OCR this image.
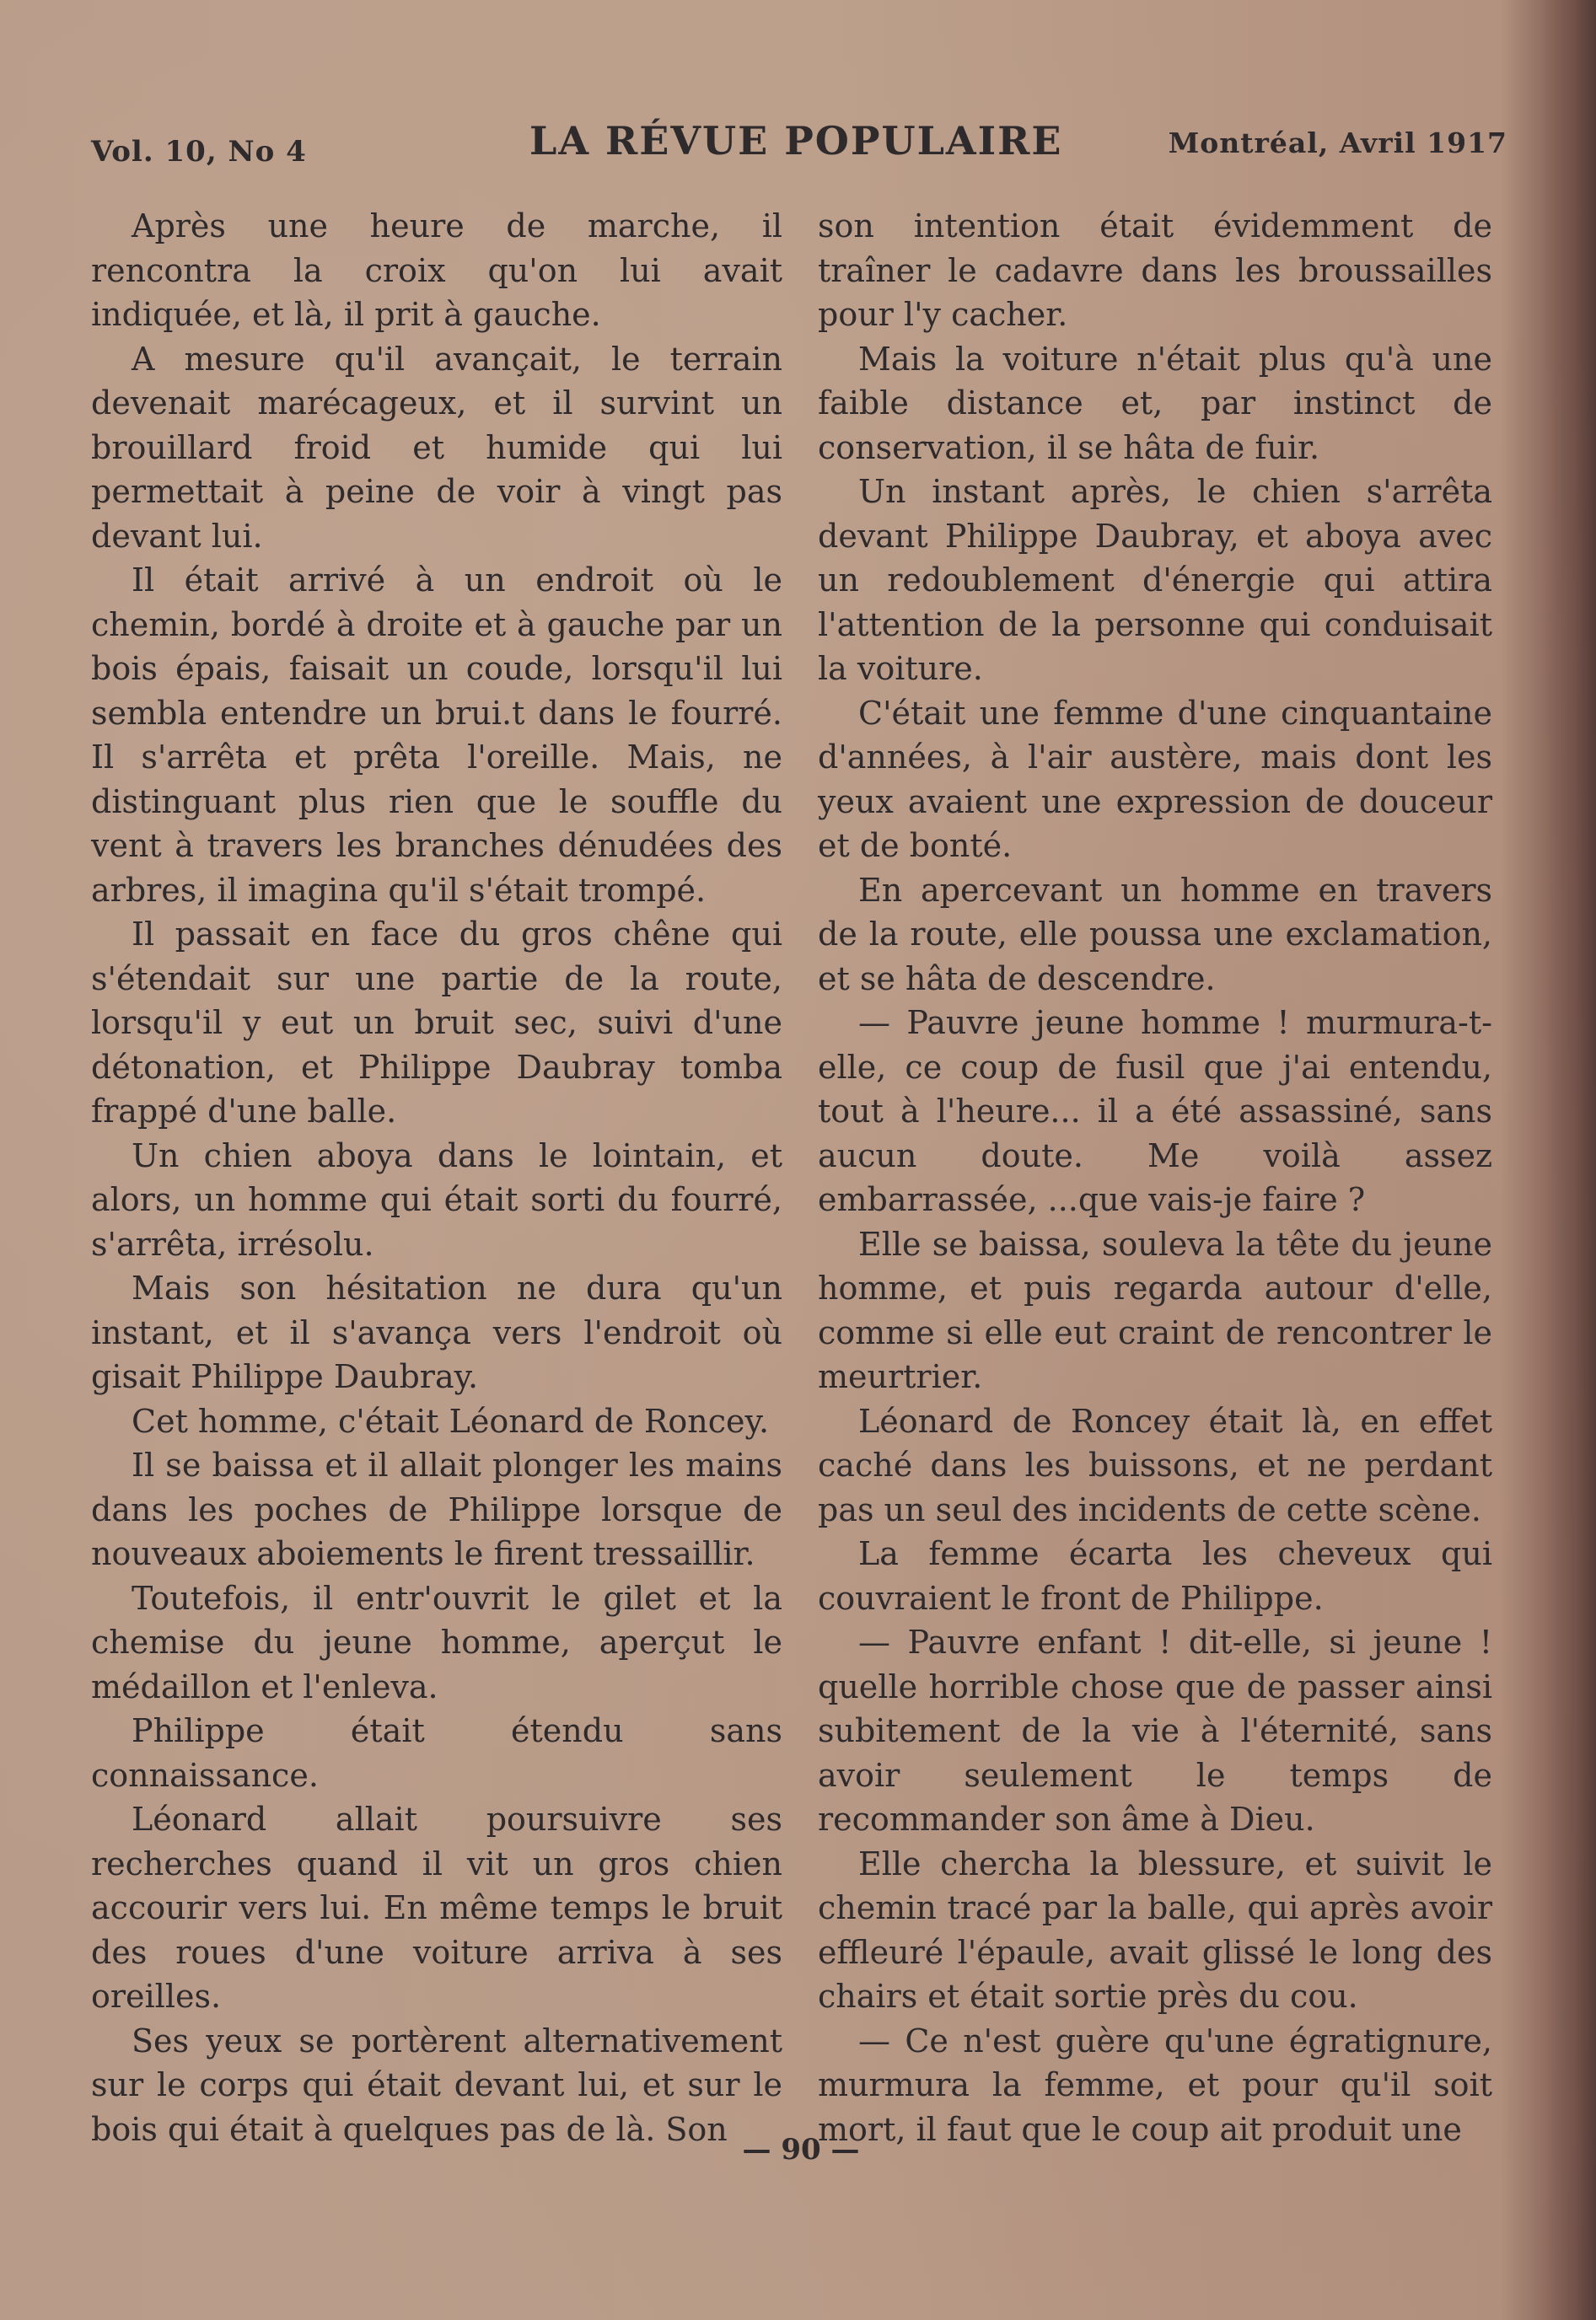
Vol. 10, No 4	LA RÉVUE POPULAIRE	Montréal, Avril 1917

Après une heure de marche, il rencontra la croix qu'on lui avait indiquée, et là, il prit à gauche.

A mesure qu'il avançait, le terrain devenait marécageux, et il survint un brouillard froid et humide qui lui permettait à peine de voir à vingt pas devant lui.

Il était arrivé à un endroit où le chemin, bordé à droite et à gauche par un bois épais, faisait un coude, lorsqu'il lui sembla entendre un brui.t dans le fourré. Il s'arrêta et prêta l'oreille. Mais, ne distinguant plus rien que le souffle du vent à travers les branches dénudées des arbres, il imagina qu'il s'était trompé.

Il passait en face du gros chêne qui s'étendait sur une partie de la route, lorsqu'il y eut un bruit sec, suivi d'une détonation, et Philippe Daubray tomba frappé d'une balle.

Un chien aboya dans le lointain, et alors, un homme qui était sorti du fourré, s'arrêta, irrésolu.

Mais son hésitation ne dura qu'un instant, et il s'avança vers l'endroit où gisait Philippe Daubray.

Cet homme, c'était Léonard de Roncey.

Il se baissa et il allait plonger les mains dans les poches de Philippe lorsque de nouveaux aboiements le firent tressaillir.

Toutefois, il entr'ouvrit le gilet et la chemise du jeune homme, aperçut le médaillon et l'enleva.

Philippe était étendu sans connaissance.

Léonard allait poursuivre ses recherches quand il vit un gros chien accourir vers lui. En même temps le bruit des roues d'une voiture arriva à ses oreilles.

Ses yeux se portèrent alternativement sur le corps qui était devant lui, et sur le bois qui était à quelques pas de là. Son

son intention était évidemment de traîner le cadavre dans les broussailles pour l'y cacher.

Mais la voiture n'était plus qu'à une faible distance et, par instinct de conservation, il se hâta de fuir.

Un instant après, le chien s'arrêta devant Philippe Daubray, et aboya avec un redoublement d'énergie qui attira l'attention de la personne qui conduisait la voiture.

C'était une femme d'une cinquantaine d'années, à l'air austère, mais dont les yeux avaient une expression de douceur et de bonté.

En apercevant un homme en travers de la route, elle poussa une exclamation, et se hâta de descendre.

— Pauvre jeune homme ! murmura-t-elle, ce coup de fusil que j'ai entendu, tout à l'heure... il a été assassiné, sans aucun doute. Me voilà assez embarrassée, ...que vais-je faire ?

Elle se baissa, souleva la tête du jeune homme, et puis regarda autour d'elle, comme si elle eut craint de rencontrer le meurtrier.

Léonard de Roncey était là, en effet caché dans les buissons, et ne perdant pas un seul des incidents de cette scène.

La femme écarta les cheveux qui couvraient le front de Philippe.

— Pauvre enfant ! dit-elle, si jeune ! quelle horrible chose que de passer ainsi subitement de la vie à l'éternité, sans avoir seulement le temps de recommander son âme à Dieu.

Elle chercha la blessure, et suivit le chemin tracé par la balle, qui après avoir effleuré l'épaule, avait glissé le long des chairs et était sortie près du cou.

— Ce n'est guère qu'une égratignure, murmura la femme, et pour qu'il soit mort, il faut que le coup ait produit une

— 90 —
